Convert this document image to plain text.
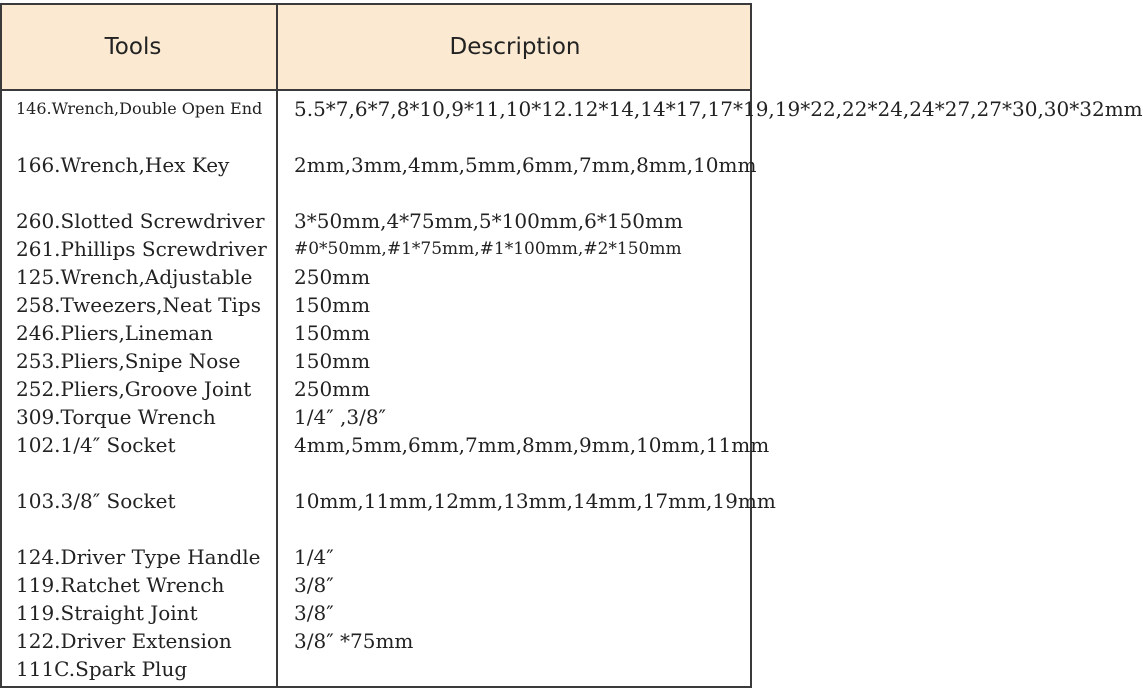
Tools	Description
146.Wrench,Double Open End	5.5*7,6*7,8*10,9*11,10*12.12*14,14*17,17*19,19*22,22*24,24*27,27*30,30*32mm
166.Wrench,Hex Key	2mm,3mm,4mm,5mm,6mm,7mm,8mm,10mm
260.Slotted Screwdriver	3*50mm,4*75mm,5*100mm,6*150mm
261.Phillips Screwdriver	#0*50mm,#1*75mm,#1*100mm,#2*150mm
125.Wrench,Adjustable	250mm
258.Tweezers,Neat Tips	150mm
246.Pliers,Lineman	150mm
253.Pliers,Snipe Nose	150mm
252.Pliers,Groove Joint	250mm
309.Torque Wrench	1/4″ ,3/8″
102.1/4″ Socket	4mm,5mm,6mm,7mm,8mm,9mm,10mm,11mm
103.3/8″ Socket	10mm,11mm,12mm,13mm,14mm,17mm,19mm
124.Driver Type Handle	1/4″
119.Ratchet Wrench	3/8″
119.Straight Joint	3/8″
122.Driver Extension	3/8″ *75mm
111C.Spark Plug
